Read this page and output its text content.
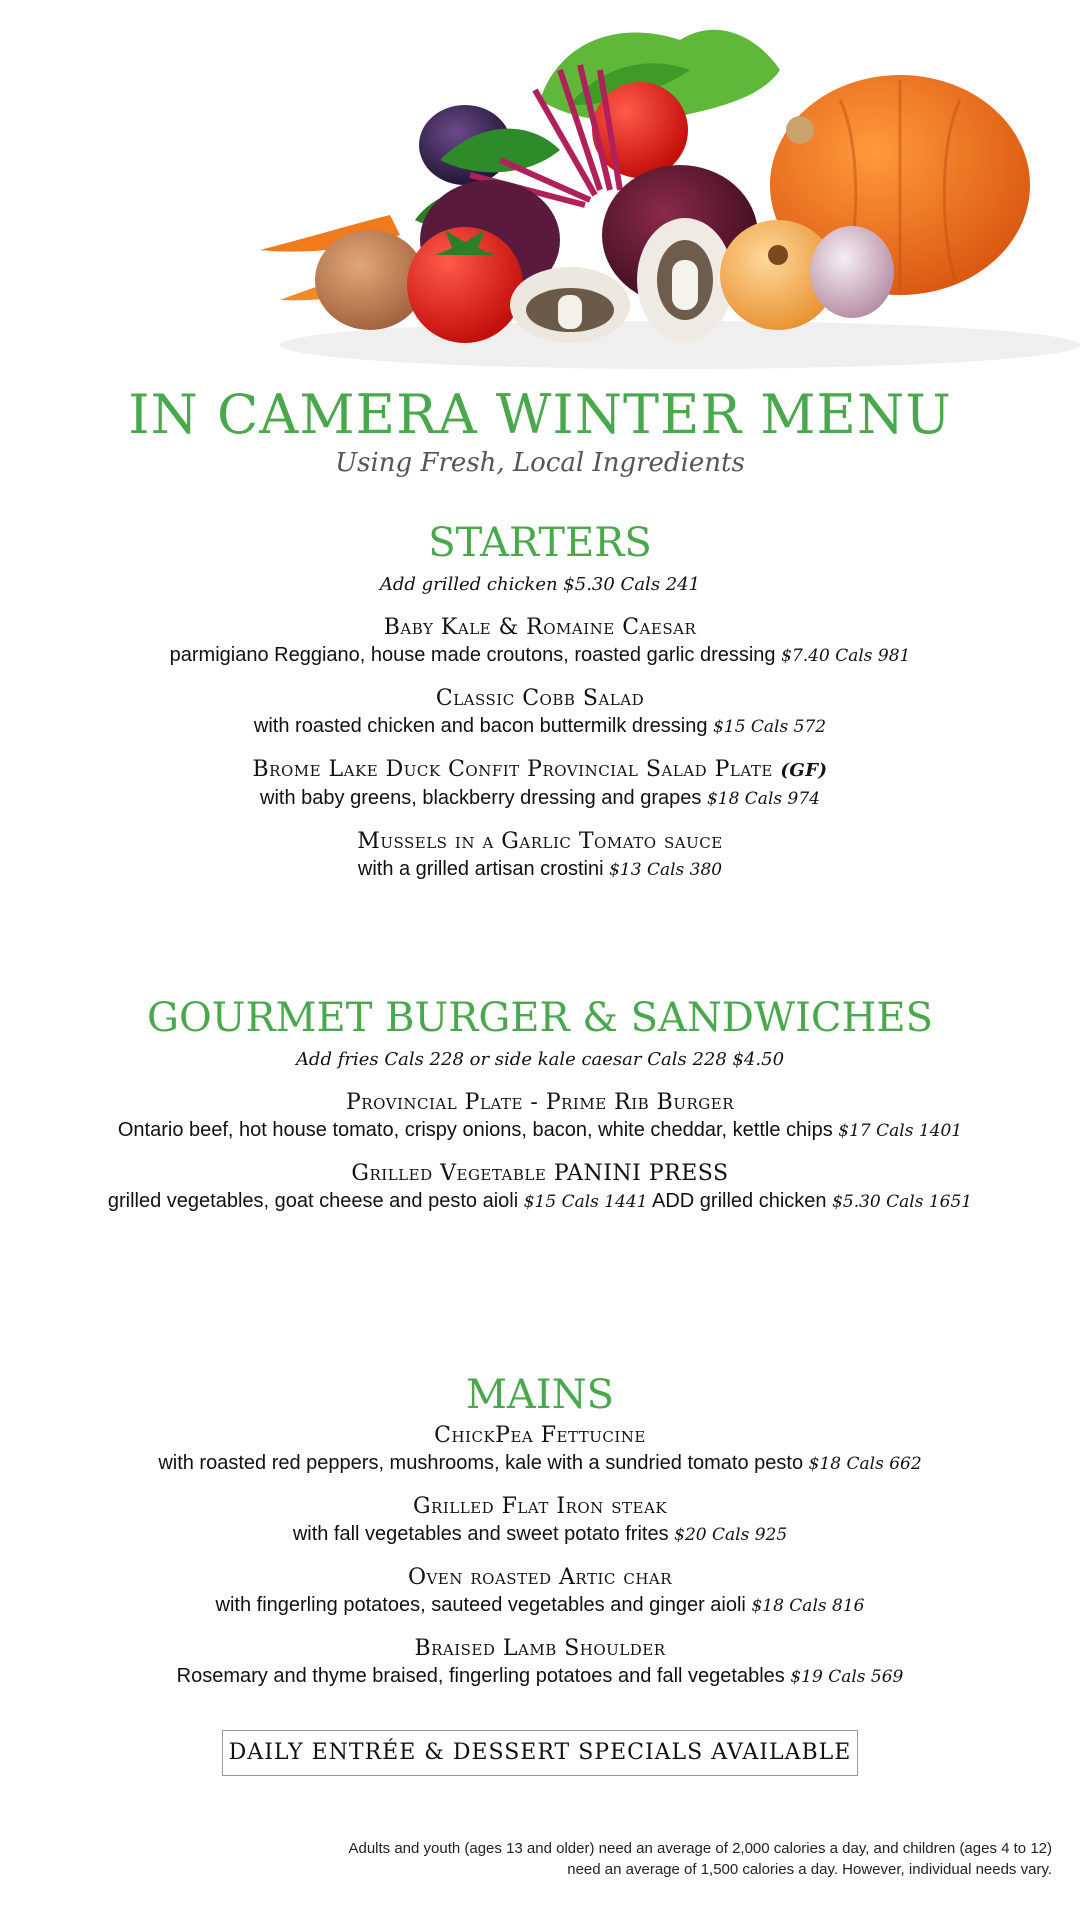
IN CAMERA WINTER MENU
Using Fresh, Local Ingredients
STARTERS
Add grilled chicken $5.30 Cals 241
Baby Kale & Romaine Caesar
parmigiano Reggiano, house made croutons, roasted garlic dressing $7.40 Cals 981
Classic Cobb Salad
with roasted chicken and bacon buttermilk dressing $15 Cals 572
Brome Lake Duck Confit Provincial Salad Plate (GF)
with baby greens, blackberry dressing and grapes $18 Cals 974
Mussels in a Garlic Tomato sauce
with a grilled artisan crostini $13 Cals 380
GOURMET BURGER & SANDWICHES
Add fries Cals 228 or side kale caesar Cals 228 $4.50
Provincial Plate - Prime Rib Burger
Ontario beef, hot house tomato, crispy onions, bacon, white cheddar, kettle chips $17 Cals 1401
Grilled Vegetable PANINI PRESS
grilled vegetables, goat cheese and pesto aioli $15 Cals 1441 ADD grilled chicken $5.30 Cals 1651
MAINS
ChickPea Fettucine
with roasted red peppers, mushrooms, kale with a sundried tomato pesto $18 Cals 662
Grilled Flat Iron steak
with fall vegetables and sweet potato frites $20 Cals 925
Oven roasted Artic char
with fingerling potatoes, sauteed vegetables and ginger aioli $18 Cals 816
Braised Lamb Shoulder
Rosemary and thyme braised, fingerling potatoes and fall vegetables $19 Cals 569
DAILY ENTRÉE & DESSERT SPECIALS AVAILABLE
Adults and youth (ages 13 and older) need an average of 2,000 calories a day, and children (ages 4 to 12)
need an average of 1,500 calories a day. However, individual needs vary.
